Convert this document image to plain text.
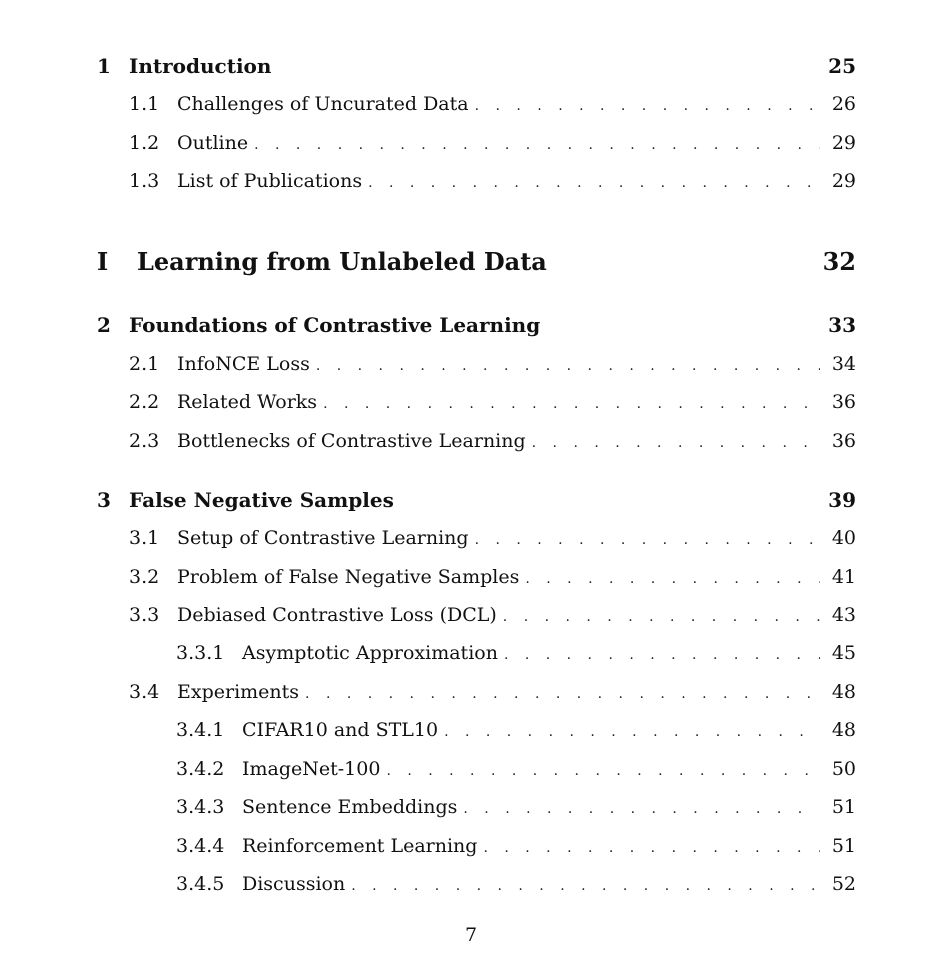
1 Introduction	25
1.1 Challenges of Uncurated Data . . .	26
1.2 Outline . . .	29
1.3 List of Publications . . .	29
I	Learning from Unlabeled Data	32
2 Foundations of Contrastive Learning	33
2.1 InfoNCE Loss . . .	34
2.2 Related Works . . .	36
2.3 Bottlenecks of Contrastive Learning . . .	36
3 False Negative Samples	39
3.1 Setup of Contrastive Learning . . .	40
3.2 Problem of False Negative Samples . . .	41
3.3 Debiased Contrastive Loss (DCL) . . .	43
3.3.1 Asymptotic Approximation . . .	45
3.4 Experiments . . .	48
3.4.1 CIFAR10 and STL10 . . .	48
3.4.2 ImageNet-100 . . .	50
3.4.3 Sentence Embeddings . . .	51
3.4.4 Reinforcement Learning . . .	51
3.4.5 Discussion . . .	52
7
